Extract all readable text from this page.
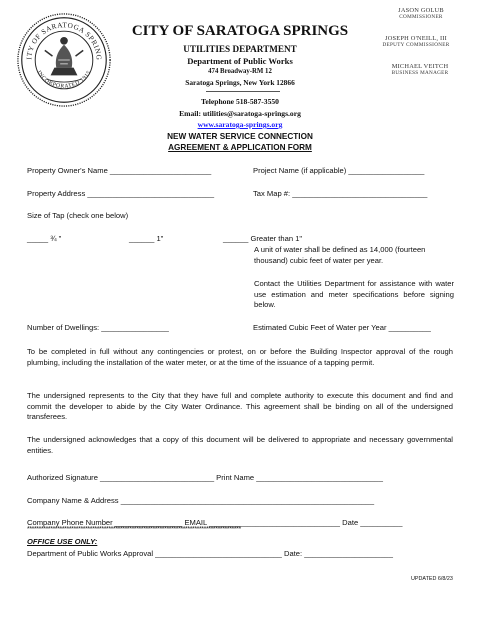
ITY OF SARATOGA SPRING
INCORPORATED 1915
CITY OF SARATOGA SPRINGS
UTILITIES DEPARTMENT
Department of Public Works
474 Broadway-RM 12
Saratoga Springs, New York 12866
Telephone 518-587-3550
Email: utilities@saratoga-springs.org
www.saratoga-springs.org
NEW WATER SERVICE CONNECTION
AGREEMENT & APPLICATION FORM
JASON GOLUB
COMMISSIONER
JOSEPH O'NEILL, III
DEPUTY COMMISSIONER
MICHAEL VEITCH
BUSINESS MANAGER
Property Owner's Name ________________________	Project Name (if applicable) __________________
Property Address ______________________________	Tax Map #: ________________________________
Size of Tap (check one below)
_____ ¾ "	______ 1"	______ Greater than 1"
A unit of water shall be defined as 14,000 (fourteen thousand) cubic feet of water per year.
Contact the Utilities Department for assistance with water use estimation and meter specifications before signing below.
Number of Dwellings: ________________	Estimated Cubic Feet of Water per Year __________
To be completed in full without any contingencies or protest, on or before the Building Inspector approval of the rough plumbing, including the installation of the water meter, or at the time of the issuance of a tapping permit.
The undersigned represents to the City that they have full and complete authority to execute this document and find and commit the developer to abide by the City Water Ordinance. This agreement shall be binding on all of the undersigned transferees.
The undersigned acknowledges that a copy of this document will be delivered to appropriate and necessary governmental entities.
Authorized Signature ___________________________ Print Name ______________________________
Company Name & Address ____________________________________________________________
Company Phone Number ________________ EMAIL _______________________________ Date __________
********************************************************************************************
OFFICE USE ONLY:
Department of Public Works Approval ______________________________ Date: _____________________
UPDATED 6/8/23
